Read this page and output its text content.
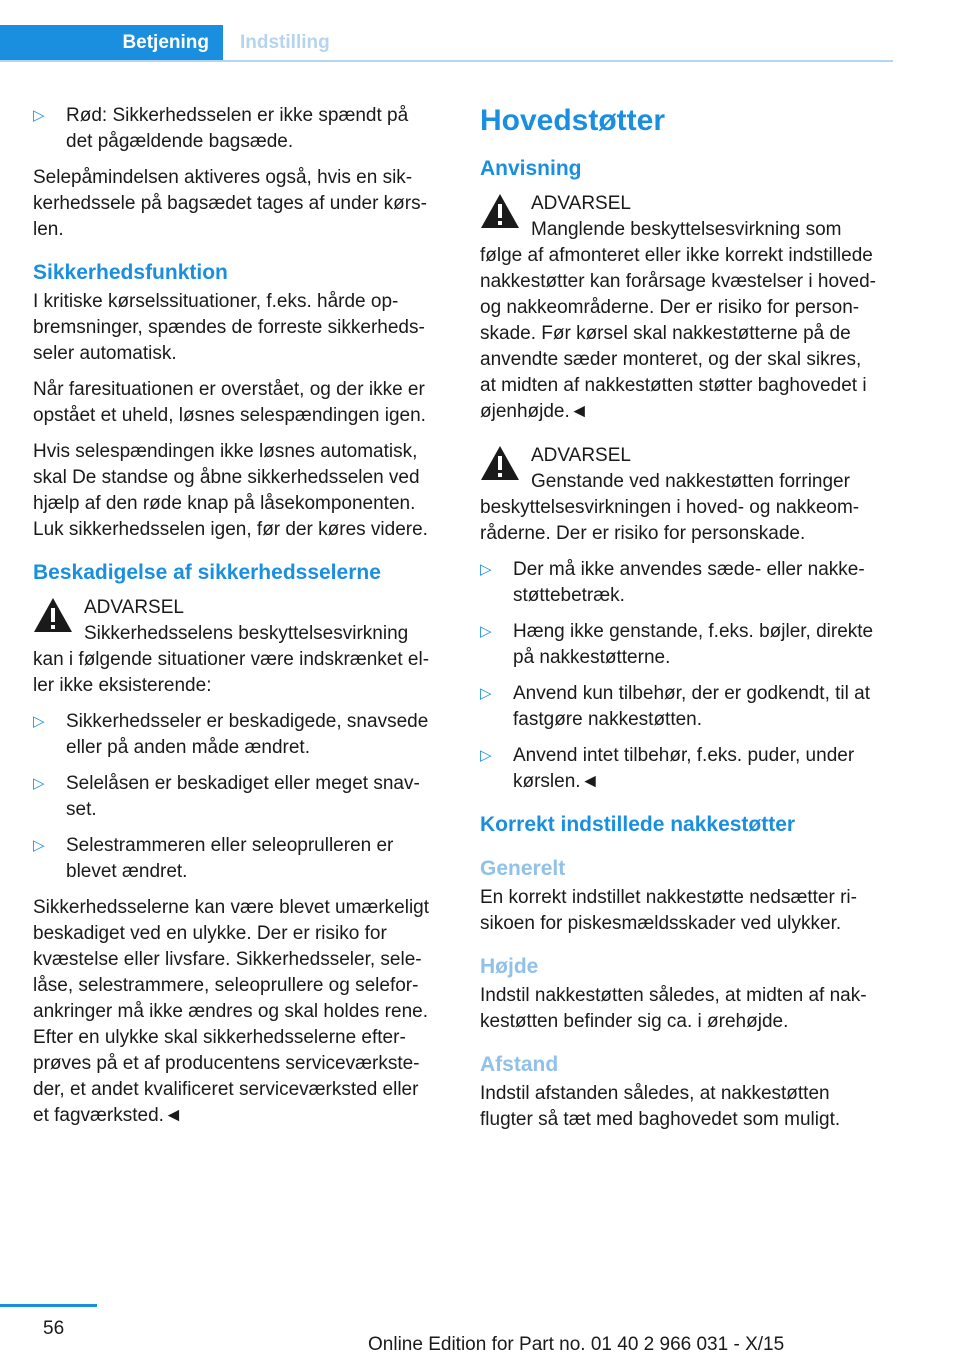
Betjening	Indstilling
▷ Rød: Sikkerhedsselen er ikke spændt på
det pågældende bagsæde.

Selepåmindelsen aktiveres også, hvis en sik-
kerhedssele på bagsædet tages af under kørs-
len.

Sikkerhedsfunktion

I kritiske kørselssituationer, f.eks. hårde op-
bremsninger, spændes de forreste sikkerheds-
seler automatisk.

Når faresituationen er overstået, og der ikke er
opstået et uheld, løsnes selespændingen igen.

Hvis selespændingen ikke løsnes automatisk,
skal De standse og åbne sikkerhedsselen ved
hjælp af den røde knap på låsekomponenten.
Luk sikkerhedsselen igen, før der køres videre.

Beskadigelse af sikkerhedsselerne
ADVARSEL
Sikkerhedsselens beskyttelsesvirkning
kan i følgende situationer være indskrænket el-
ler ikke eksisterende:
▷ Sikkerhedsseler er beskadigede, snavsede
eller på anden måde ændret.
▷ Selelåsen er beskadiget eller meget snav-
set.
▷ Selestrammeren eller seleoprulleren er
blevet ændret.

Sikkerhedsselerne kan være blevet umærkeligt
beskadiget ved en ulykke. Der er risiko for
kvæstelse eller livsfare. Sikkerhedsseler, sele-
låse, selestrammere, seleoprullere og selefor-
ankringer må ikke ændres og skal holdes rene.
Efter en ulykke skal sikkerhedsselerne efter-
prøves på et af producentens serviceværkste-
der, et andet kvalificeret serviceværksted eller
et fagværksted.◄

Hovedstøtter
Anvisning
ADVARSEL
Manglende beskyttelsesvirkning som
følge af afmonteret eller ikke korrekt indstillede
nakkestøtter kan forårsage kvæstelser i hoved-
og nakkeområderne. Der er risiko for person-
skade. Før kørsel skal nakkestøtterne på de
anvendte sæder monteret, og der skal sikres,
at midten af nakkestøtten støtter baghovedet i
øjenhøjde.◄
ADVARSEL
Genstande ved nakkestøtten forringer
beskyttelsesvirkningen i hoved- og nakkeom-
råderne. Der er risiko for personskade.
▷ Der må ikke anvendes sæde- eller nakke-
støttebetræk.
▷ Hæng ikke genstande, f.eks. bøjler, direkte
på nakkestøtterne.
▷ Anvend kun tilbehør, der er godkendt, til at
fastgøre nakkestøtten.
▷ Anvend intet tilbehør, f.eks. puder, under
kørslen.◄
Korrekt indstillede nakkestøtter
Generelt

En korrekt indstillet nakkestøtte nedsætter ri-
sikoen for piskesmældsskader ved ulykker.

Højde

Indstil nakkestøtten således, at midten af nak-
kestøtten befinder sig ca. i ørehøjde.

Afstand

Indstil afstanden således, at nakkestøtten
flugter så tæt med baghovedet som muligt.

56
Online Edition for Part no. 01 40 2 966 031 - X/15
